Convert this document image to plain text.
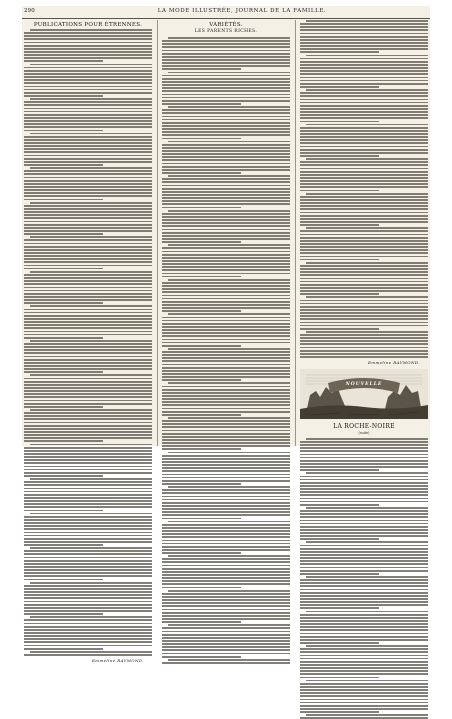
290	LA MODE ILLUSTRÉE, JOURNAL DE LA FAMILLE.
PUBLICATIONS POUR ÉTRENNES.
Emmeline RAYMOND.
VARIÉTÉS.
LES PARENTS RICHES.
Emmeline RAYMOND.
NOUVELLE
LA ROCHE-NOIRE
(suite)
